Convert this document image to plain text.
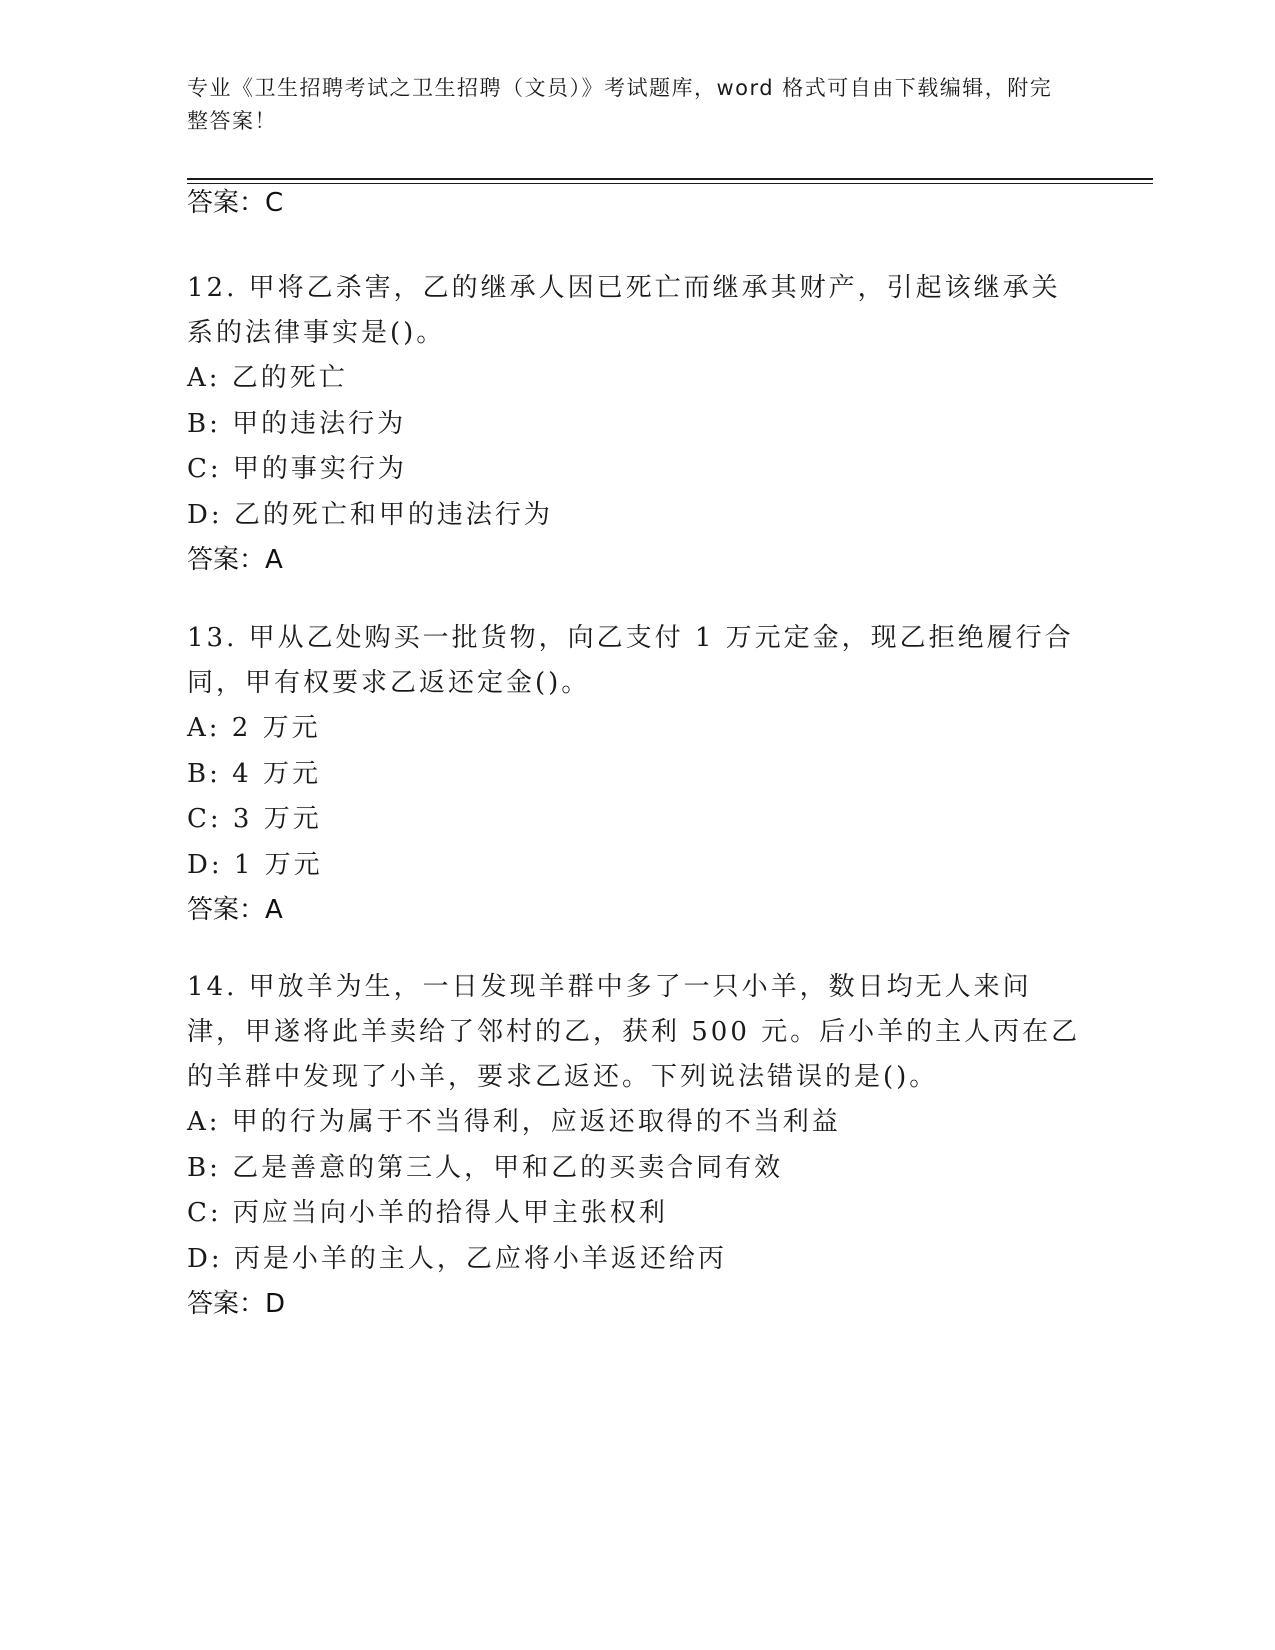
专业《卫生招聘考试之卫生招聘（文员）》考试题库，word 格式可自由下载编辑，附完整答案！
答案：C
12. 甲将乙杀害，乙的继承人因已死亡而继承其财产，引起该继承关系的法律事实是()。
A: 乙的死亡
B: 甲的违法行为
C: 甲的事实行为
D: 乙的死亡和甲的违法行为
答案：A
13. 甲从乙处购买一批货物，向乙支付 1 万元定金，现乙拒绝履行合同，甲有权要求乙返还定金()。
A: 2 万元
B: 4 万元
C: 3 万元
D: 1 万元
答案：A
14. 甲放羊为生，一日发现羊群中多了一只小羊，数日均无人来问津，甲遂将此羊卖给了邻村的乙，获利 500 元。后小羊的主人丙在乙的羊群中发现了小羊，要求乙返还。下列说法错误的是()。
A: 甲的行为属于不当得利，应返还取得的不当利益
B: 乙是善意的第三人，甲和乙的买卖合同有效
C: 丙应当向小羊的拾得人甲主张权利
D: 丙是小羊的主人，乙应将小羊返还给丙
答案：D
